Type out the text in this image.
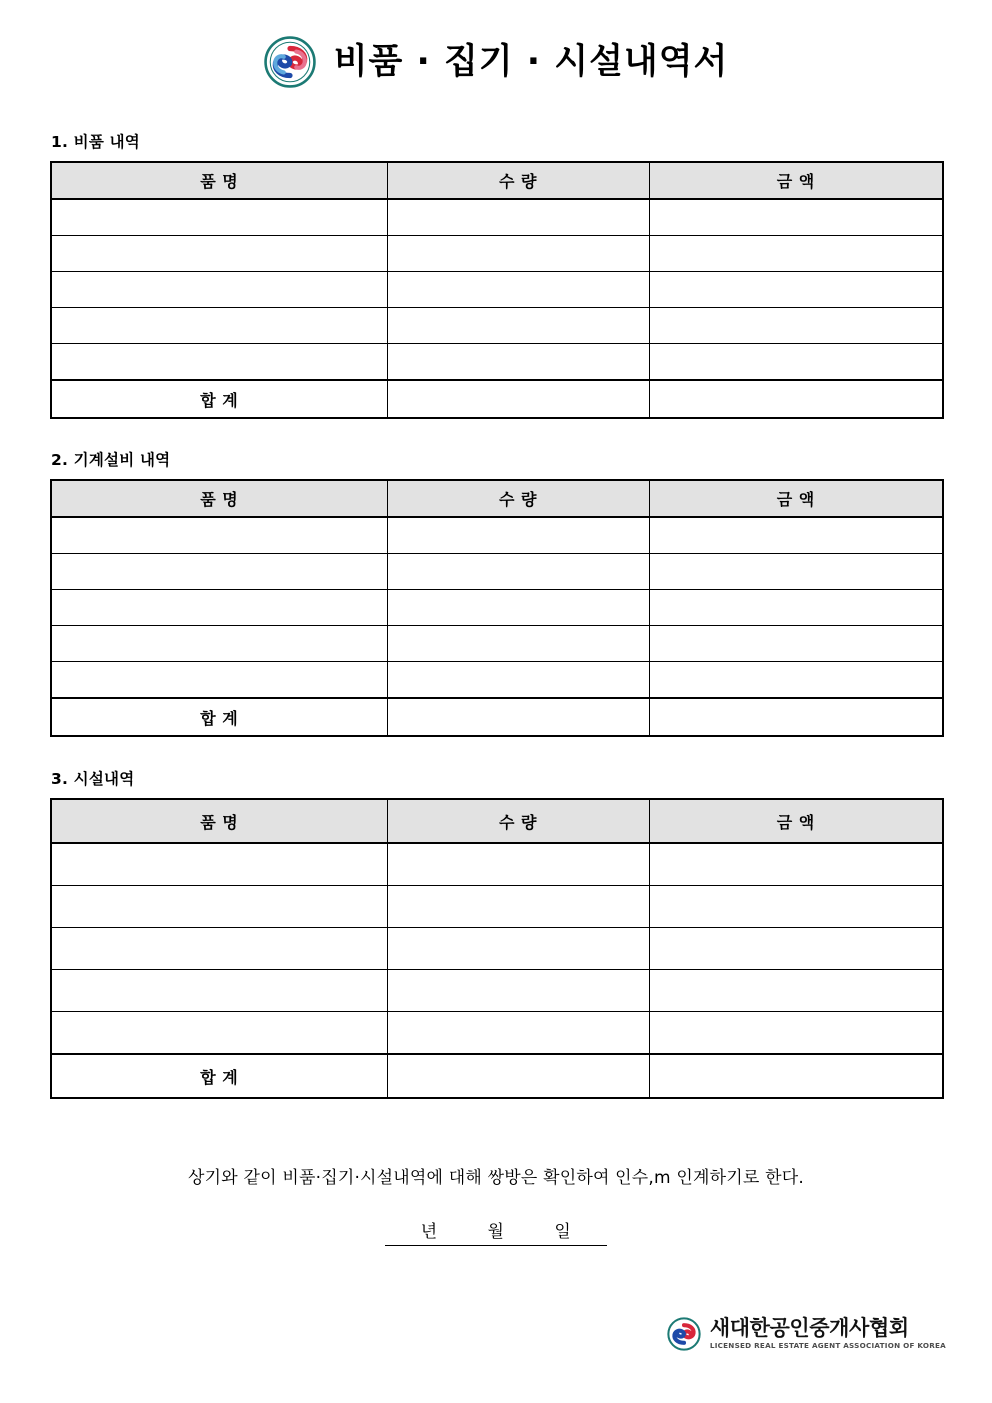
비품 · 집기 · 시설내역서
1. 비품 내역
품 명	수 량	금 액

합 계		
2. 기계설비 내역
품 명	수 량	금 액

합 계		
3. 시설내역
품 명	수 량	금 액

합 계		
상기와 같이 비품·집기·시설내역에 대해 쌍방은 확인하여 인수,m 인계하기로 한다.
년	월	일
새대한공인중개사협회
LICENSED REAL ESTATE AGENT ASSOCIATION OF KOREA
